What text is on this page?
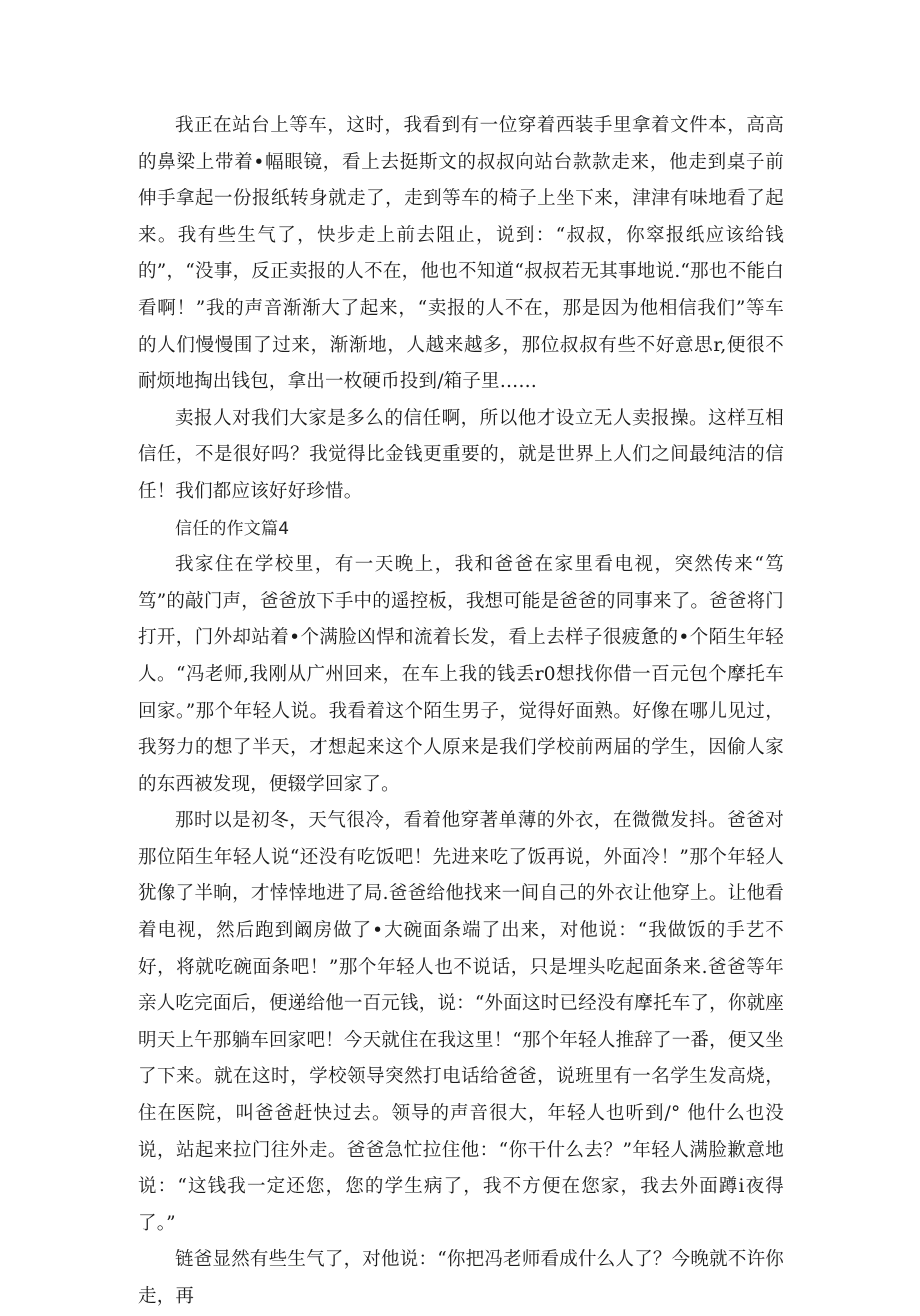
我正在站台上等车，这时，我看到有一位穿着西装手里拿着文件本，高高的鼻梁上带着•幅眼镜，看上去挺斯文的叔叔向站台款款走来，他走到桌子前伸手拿起一份报纸转身就走了，走到等车的椅子上坐下来，津津有味地看了起来。我有些生气了，快步走上前去阻止，说到：“叔叔，你窣报纸应该给钱的”，“没事，反正卖报的人不在，他也不知道“叔叔若无其事地说.“那也不能白看啊！”我的声音渐渐大了起来，“卖报的人不在，那是因为他相信我们”等车的人们慢慢围了过来，渐渐地，人越来越多，那位叔叔有些不好意思r,便很不耐烦地掏出钱包，拿出一枚硬币投到/箱子里……

卖报人对我们大家是多么的信任啊，所以他才设立无人卖报操。这样互相信任，不是很好吗？我觉得比金钱更重要的，就是世界上人们之间最纯洁的信任！我们都应该好好珍惜。

信任的作文篇4

我家住在学校里，有一天晚上，我和爸爸在家里看电视，突然传来“笃笃”的敲门声，爸爸放下手中的遥控板，我想可能是爸爸的同事来了。爸爸将门打开，门外却站着•个满脸凶悍和流着长发，看上去样子很疲惫的•个陌生年轻人。“冯老师,我刚从广州回来，在车上我的钱丢r0想找你借一百元包个摩托车回家。”那个年轻人说。我看着这个陌生男子，觉得好面熟。好像在哪儿见过，我努力的想了半天，才想起来这个人原来是我们学校前两届的学生，因偷人家的东西被发现，便辍学回家了。

那时以是初冬，天气很冷，看着他穿著单薄的外衣，在微微发抖。爸爸对那位陌生年轻人说“还没有吃饭吧！先进来吃了饭再说，外面冷！”那个年轻人犹像了半晌，才悻悻地进了局.爸爸给他找来一间自己的外衣让他穿上。让他看着电视，然后跑到阚房做了•大碗面条端了出来，对他说：“我做饭的手艺不好，将就吃碗面条吧！”那个年轻人也不说话，只是埋头吃起面条来.爸爸等年亲人吃完面后，便递给他一百元钱，说：“外面这时已经没有摩托车了，你就座明天上午那躺车回家吧！今天就住在我这里！“那个年轻人推辞了一番，便又坐了下来。就在这时，学校领导突然打电话给爸爸，说班里有一名学生发高烧，住在医院，叫爸爸赶快过去。领导的声音很大，年轻人也听到/° 他什么也没说，站起来拉门往外走。爸爸急忙拉住他：“你干什么去？”年轻人满脸歉意地说：“这钱我一定还您，您的学生病了，我不方便在您家，我去外面蹲i夜得了。”

链爸显然有些生气了，对他说：“你把冯老师看成什么人了？今晚就不许你走，再
